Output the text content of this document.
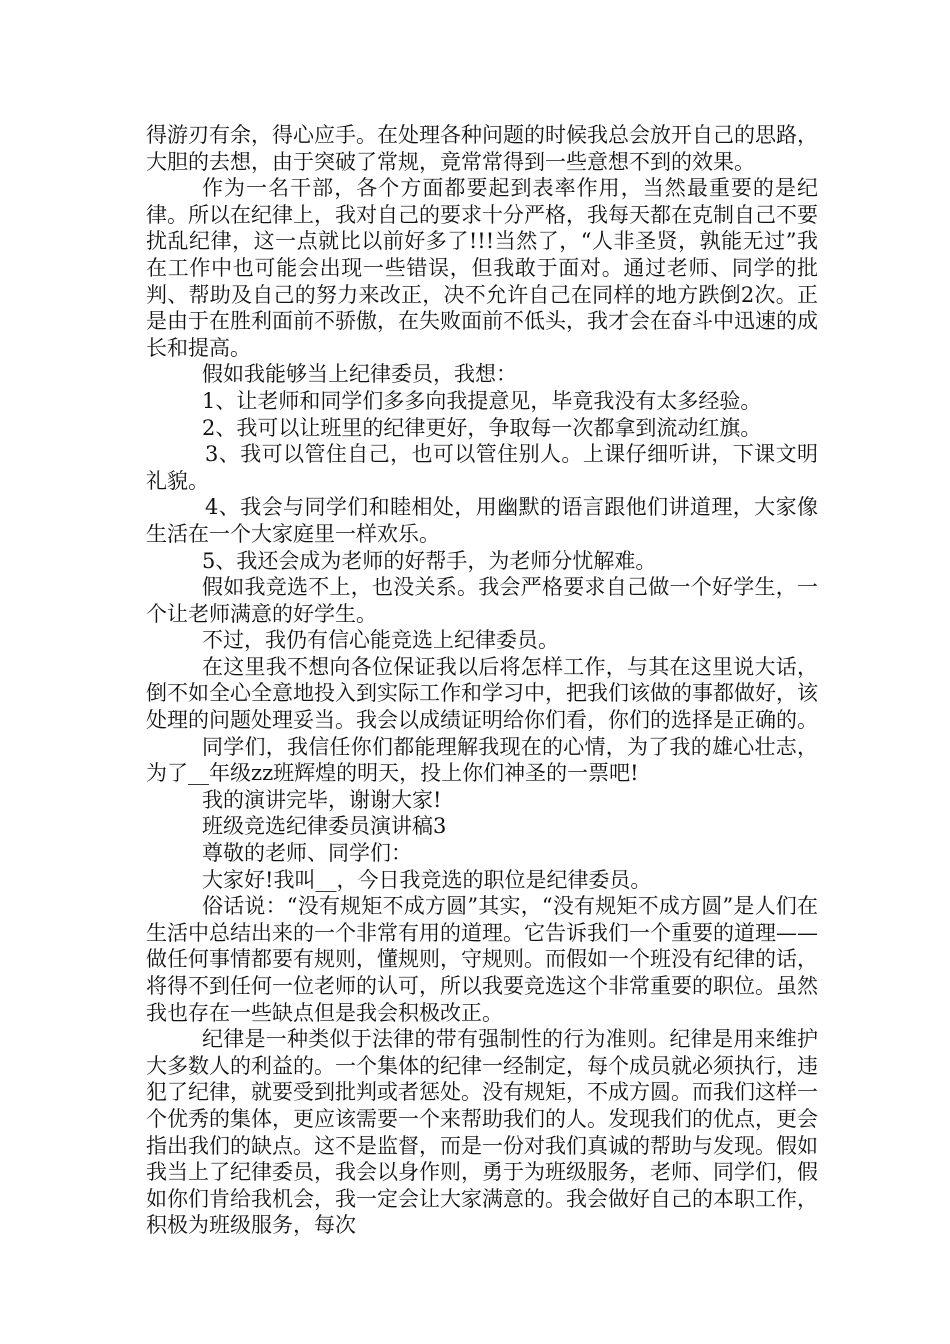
得游刃有余，得心应手。在处理各种问题的时候我总会放开自己的思路，大胆的去想，由于突破了常规，竟常常得到一些意想不到的效果。

作为一名干部，各个方面都要起到表率作用，当然最重要的是纪律。所以在纪律上，我对自己的要求十分严格，我每天都在克制自己不要扰乱纪律，这一点就比以前好多了!!!当然了，“人非圣贤，孰能无过”我在工作中也可能会出现一些错误，但我敢于面对。通过老师、同学的批判、帮助及自己的努力来改正，决不允许自己在同样的地方跌倒2次。正是由于在胜利面前不骄傲，在失败面前不低头，我才会在奋斗中迅速的成长和提高。

假如我能够当上纪律委员，我想：

1、让老师和同学们多多向我提意见，毕竟我没有太多经验。

2、我可以让班里的纪律更好，争取每一次都拿到流动红旗。

3、我可以管住自己，也可以管住别人。上课仔细听讲，下课文明礼貌。

4、我会与同学们和睦相处，用幽默的语言跟他们讲道理，大家像生活在一个大家庭里一样欢乐。

5、我还会成为老师的好帮手，为老师分忧解难。

假如我竞选不上，也没关系。我会严格要求自己做一个好学生，一个让老师满意的好学生。

不过，我仍有信心能竞选上纪律委员。

在这里我不想向各位保证我以后将怎样工作，与其在这里说大话，倒不如全心全意地投入到实际工作和学习中，把我们该做的事都做好，该处理的问题处理妥当。我会以成绩证明给你们看，你们的选择是正确的。

同学们，我信任你们都能理解我现在的心情，为了我的雄心壮志，为了__年级zz班辉煌的明天，投上你们神圣的一票吧!

我的演讲完毕，谢谢大家!

班级竞选纪律委员演讲稿3

尊敬的老师、同学们：

大家好!我叫__，今日我竞选的职位是纪律委员。

俗话说：“没有规矩不成方圆”其实，“没有规矩不成方圆”是人们在生活中总结出来的一个非常有用的道理。它告诉我们一个重要的道理——做任何事情都要有规则，懂规则，守规则。而假如一个班没有纪律的话，将得不到任何一位老师的认可，所以我要竞选这个非常重要的职位。虽然我也存在一些缺点但是我会积极改正。

纪律是一种类似于法律的带有强制性的行为准则。纪律是用来维护大多数人的利益的。一个集体的纪律一经制定，每个成员就必须执行，违犯了纪律，就要受到批判或者惩处。没有规矩，不成方圆。而我们这样一个优秀的集体，更应该需要一个来帮助我们的人。发现我们的优点，更会指出我们的缺点。这不是监督，而是一份对我们真诚的帮助与发现。假如我当上了纪律委员，我会以身作则，勇于为班级服务，老师、同学们，假如你们肯给我机会，我一定会让大家满意的。我会做好自己的本职工作，积极为班级服务，每次
